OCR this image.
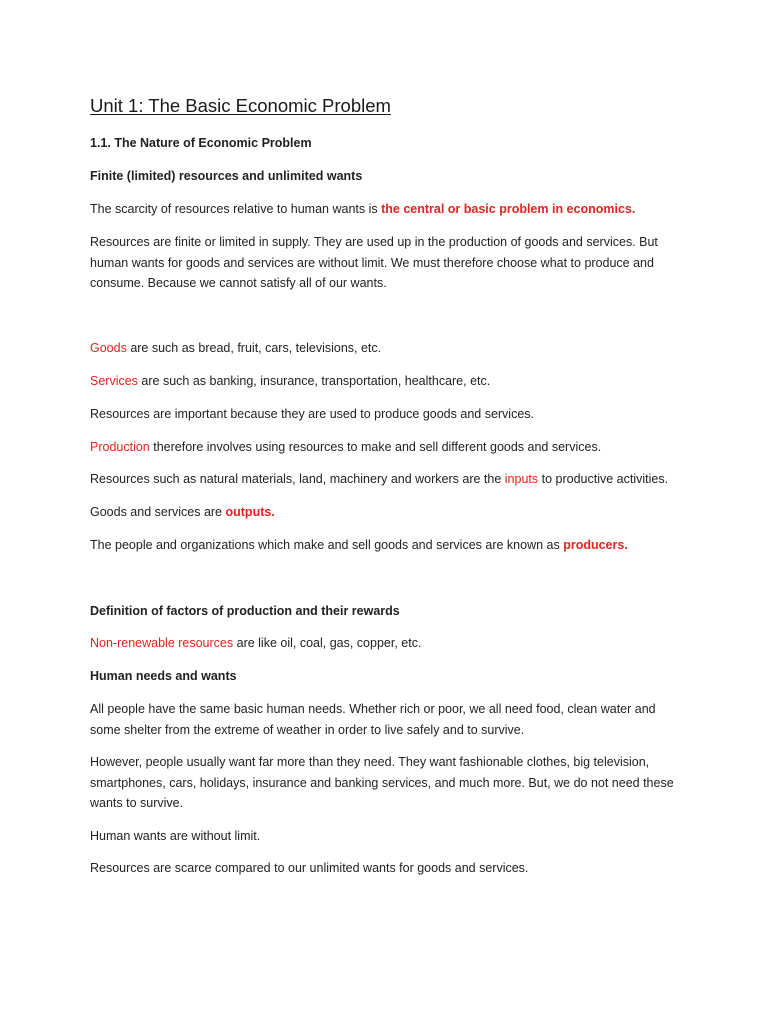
Unit 1: The Basic Economic Problem

1.1. The Nature of Economic Problem

Finite (limited) resources and unlimited wants

The scarcity of resources relative to human wants is the central or basic problem in economics.

Resources are finite or limited in supply. They are used up in the production of goods and services. But human wants for goods and services are without limit. We must therefore choose what to produce and consume. Because we cannot satisfy all of our wants.

Goods are such as bread, fruit, cars, televisions, etc.

Services are such as banking, insurance, transportation, healthcare, etc.

Resources are important because they are used to produce goods and services.

Production therefore involves using resources to make and sell different goods and services.

Resources such as natural materials, land, machinery and workers are the inputs to productive activities.

Goods and services are outputs.

The people and organizations which make and sell goods and services are known as producers.

Definition of factors of production and their rewards

Non-renewable resources are like oil, coal, gas, copper, etc.

Human needs and wants

All people have the same basic human needs. Whether rich or poor, we all need food, clean water and some shelter from the extreme of weather in order to live safely and to survive.

However, people usually want far more than they need. They want fashionable clothes, big television, smartphones, cars, holidays, insurance and banking services, and much more. But, we do not need these wants to survive.

Human wants are without limit.

Resources are scarce compared to our unlimited wants for goods and services.
